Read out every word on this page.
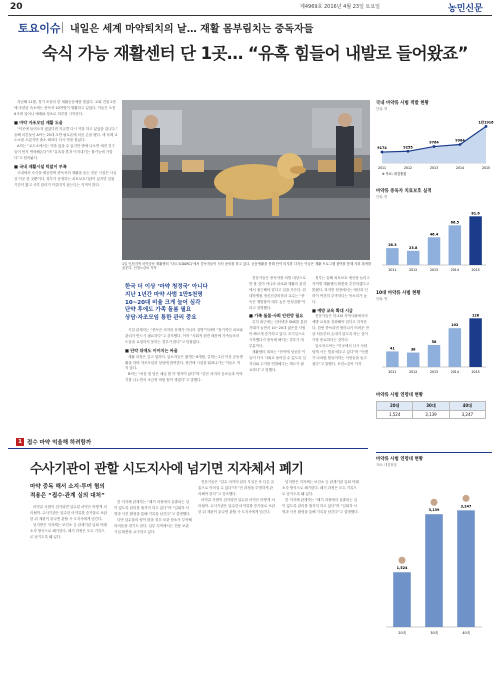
20	제4969호 2016년 4월 23일 토요일	농민신문
토요이슈 내일은 세계 마약퇴치의 날… 재활 몸부림치는 중독자들
숙식 가능 재활센터 단 1곳… “유혹 힘들어 내발로 들어왔죠”
지난해 11월, 경기 포천의 한 재활공동체를 찾았다. 교회 건물 2층에 마련된 숙소에는 중독자 10여명이 생활하고 있었다. 이들은 오전 6시에 일어나 예배와 청소로 하루를 시작한다.
■ 마약 자조모임 재활 도움
“이곳에 들어오지 않았다면 지금쯤 다시 약을 하고 있었을 겁니다.” 올해 마흔둘인 A씨는 20대 초반 필로폰에 처음 손을 댔다. 세 차례 교도소를 오갔지만 출소 때마다 다시 약을 찾았다.
A씨는 “교도소에서는 약을 끊을 수 있지만 밖에 나오면 예전 친구들이 먼저 연락해온다”며 “유혹을 혼자 이겨내기는 불가능에 가깝다”고 털어놨다.
■ 국내 재활시설 턱없이 부족
국내에서 숙식을 제공하며 중독자의 재활을 돕는 전문 시설은 사실상 이곳 한 곳뿐이다. 정부가 운영하는 치료보호기관이 있지만 입원 기간이 짧고 사후 관리가 이뤄지지 않는다는 지적이 많다.
1일 인천지역 마약중독 재활센터 ‘다르크(DARC)’에서 중독자들이 식사 준비를 하고 있다. 공동생활을 통해 단약 의지를 다지는 이들은 재활 프로그램 참여를 통해 사회 복귀를 꿈꾼다. 인천=김씨 기자
한국 더 이상 ‘마약 청정국’ 아니다
지난 1년간 마약 사범 1만5천명
10~20대 비율 크게 늘어 심각
단약 후에도 가족 돌봄 필요
상담·자조모임 통한 관리 중요
시설 관계자는 “중독은 의지의 문제가 아니라 질병”이라며 “장기적인 치료와 관리가 반드시 필요하다”고 강조했다. 이어 “사회적 편견 때문에 가족들조차 도움을 요청하지 못하는 경우가 많다”고 덧붙였다.
■ 단약 뒤에도 이어지는 싸움
재활 과정은 길고 험하다. 입소자들은 짧게는 6개월, 길게는 2년 이상 공동생활을 하며 자조모임과 상담에 참여한다. 중간에 시설을 뛰쳐나가는 이들도 적지 않다.
B씨는 “처음 몇 달은 매일 밤 약 생각이 났다”며 “같은 처지의 동료들과 이야기를 나누면서 조금씩 버틸 힘이 생겼다”고 말했다.
전문가들은 중독자를 처벌 대상으로만 볼 것이 아니라 치료와 재활의 관점에서 접근해야 한다고 입을 모은다. 한 대학병원 정신건강의학과 교수는 “중독은 재발률이 매우 높은 만성질환”이라고 설명했다.
■ 가족 돌봄·사회 안전망 필요
특히 최근에는 인터넷과 SNS를 통한 거래가 늘면서 10~20대 젊은층 사범이 빠르게 증가하고 있다. 호기심으로 시작했다가 중독에 빠지는 경우가 대부분이다.
재활센터 대표는 “단약에 성공한 이들이 다시 사회로 돌아갈 수 있도록 일자리와 주거를 연결해주는 제도가 필요하다”고 말했다.
정부는 올해 치료보호 예산을 늘리고 지역별 재활센터 확충을 추진하겠다고 밝혔다. 하지만 현장에서는 예산과 인력이 여전히 부족하다는 목소리가 높다.
■ 예방 교육 확대 시급
전문가들은 학교와 지역사회에서의 예방 교육을 강화해야 한다고 지적한다. 한번 중독되면 벗어나기 어려운 만큼 처음부터 손대지 않도록 하는 것이 가장 중요하다는 것이다.
입소자 C씨는 “이곳에서 다시 사람답게 사는 법을 배우고 있다”며 “언젠가 나처럼 힘들어하는 사람들을 돕고 싶다”고 말했다. 포천=김씨 기자
국내 마약류 사범 적발 현황
단위: 명
9174
2011
9255
2012
9764
2013
9984
2014
1만1916
2015
※ 자료: 대검찰청
마약류 중독자 치료보호 실적
단위: 명
28.3
2011
23.8
2012
46.4
2013
66.5
2014
81.6
2015
10대 마약류 사범 현황
단위: 명
41
2011
38
2012
58
2013
102
2014
128
2015
마약류 사범 연령대 현황
20대	30대	40대
1,524	3,139	3,247
1 접수 마약 억울해 하려함까
수사기관이 관할 시도지사에 넘기면 지자체서 폐기
마약 중독 해서 소지·투여 혐의
적용은 “접수·관계 실의 대처”
마약류 사범이 검거되면 압수된 마약은 어떻게 처리될까. 수사기관은 압수한 마약류를 증거물로 보관한 뒤 재판이 끝나면 관할 시·도지사에게 넘긴다.
넘겨받은 지자체는 보건소 등 관계기관 입회 아래 소각 방식으로 폐기한다. 폐기 과정은 모두 기록으로 남기도록 돼 있다.
한 지자체 관계자는 “폐기 과정에서 유출되는 일이 없도록 관리를 철저히 하고 있다”며 “입회자 서명과 사진 촬영을 통해 기록을 남긴다”고 설명했다.
다만 압수물의 양이 많을 경우 보관 장소가 부족해 어려움을 겪기도 한다. 일부 지역에서는 전용 보관시설 확충을 요구하고 있다.
전문가들은 “압수 마약의 관리 부실은 또 다른 유통으로 이어질 수 있다”며 “전 과정을 투명하게 관리해야 한다”고 강조했다.
마약류 사범이 검거되면 압수된 마약은 어떻게 처리될까. 수사기관은 압수한 마약류를 증거물로 보관한 뒤 재판이 끝나면 관할 시·도지사에게 넘긴다.
넘겨받은 지자체는 보건소 등 관계기관 입회 아래 소각 방식으로 폐기한다. 폐기 과정은 모두 기록으로 남기도록 돼 있다.
한 지자체 관계자는 “폐기 과정에서 유출되는 일이 없도록 관리를 철저히 하고 있다”며 “입회자 서명과 사진 촬영을 통해 기록을 남긴다”고 설명했다.
마약류 사범 연령대 현황
자료: 대검찰청
1,524
20대
3,139
30대
3,247
40대
